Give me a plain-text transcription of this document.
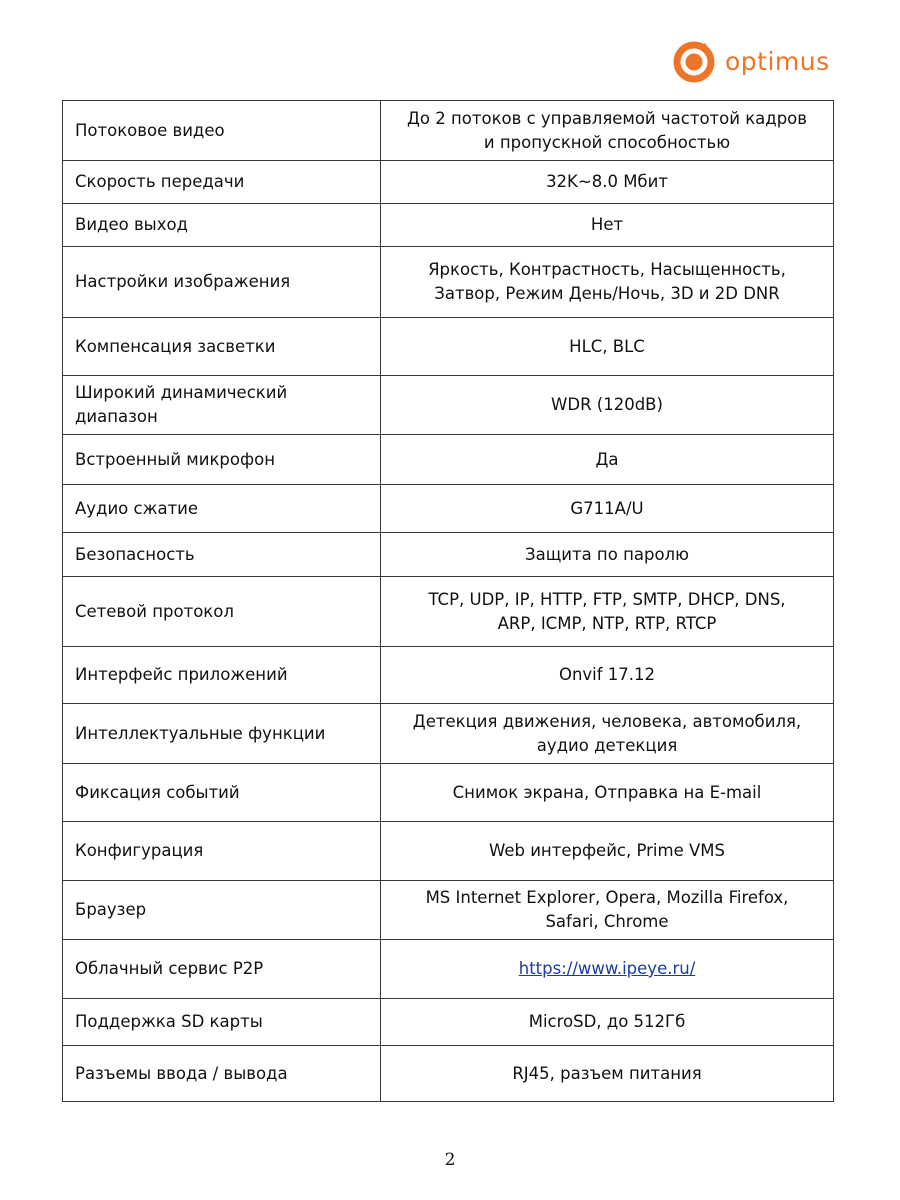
optimus
Потоковое видео	До 2 потоков с управляемой частотой кадров
и пропускной способностью

Скорость передачи	32K~8.0 Мбит

Видео выход	Нет

Настройки изображения	Яркость, Контрастность, Насыщенность,
Затвор, Режим День/Ночь, 3D и 2D DNR

Компенсация засветки	HLC, BLC

Широкий динамический
диапазон	WDR (120dB)

Встроенный микрофон	Да

Аудио сжатие	G711A/U

Безопасность	Защита по паролю

Сетевой протокол	TCP, UDP, IP, HTTP, FTP, SMTP, DHCP, DNS,
ARP, ICMP, NTP, RTP, RTCP

Интерфейс приложений	Onvif 17.12

Интеллектуальные функции	Детекция движения, человека, автомобиля,
аудио детекция

Фиксация событий	Снимок экрана, Отправка на E-mail

Конфигурация	Web интерфейс, Prime VMS

Браузер	MS Internet Explorer, Opera, Mozilla Firefox,
Safari, Chrome

Облачный сервис P2P	https://www.ipeye.ru/

Поддержка SD карты	MicroSD, до 512Гб

Разъемы ввода / вывода	RJ45, разъем питания
2
